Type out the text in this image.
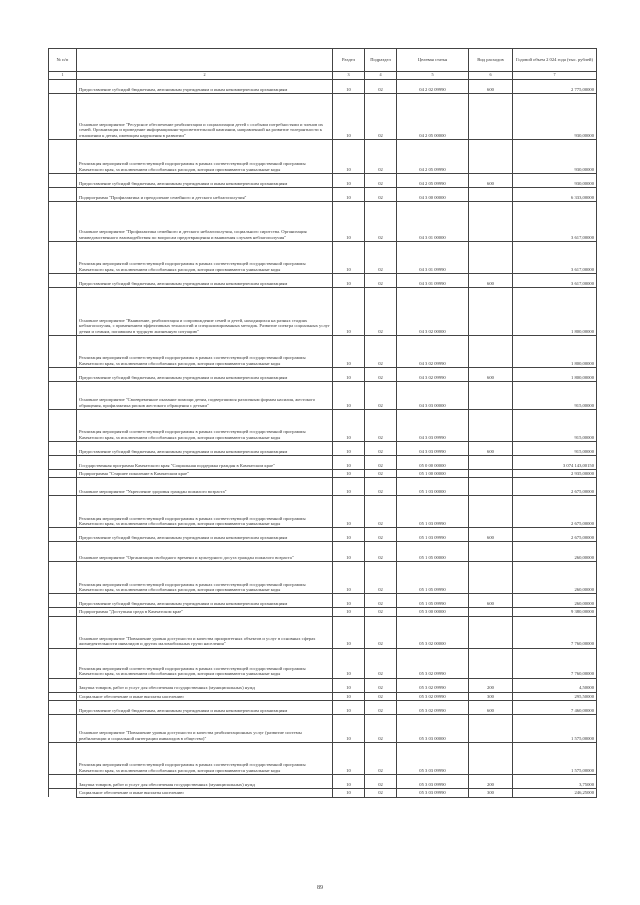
№ п/п		Раздел	Подраздел	Целевая статья	Вид расходов	Годовой объем 2 024 года (тыс. рублей)
1	2	3	4	5	6	7
	Предоставление субсидий бюджетным, автономным учреждениям и иным некоммерческим организациям	10	02	04 2 02 09990	600	2 775,00000
	Основное мероприятие "Ресурсное обеспечение реабилитации и социализации детей с особыми потребностями и членов их семей. Организация и проведение информационно-просветительской кампании, направленной на развитие толерантности к отношении к детям, имеющим нарушения в развитии"	10	02	04 2 05 00000		930,00000
	Реализация мероприятий соответствующей подпрограммы в рамках соответствующей государственной программы Камчатского края, за исключением обособленных расходов, которым присваиваются уникальные коды	10	02	04 2 05 09990		930,00000
	Предоставление субсидий бюджетным, автономным учреждениям и иным некоммерческим организациям	10	02	04 2 05 09990	600	930,00000
	Подпрограмма "Профилактика и преодоление семейного и детского неблагополучия"	10	02	04 3 00 00000		6 333,00000
	Основное мероприятие "Профилактика семейного и детского неблагополучия, социального сиротства. Организация межведомственного взаимодействия по вопросам предотвращения и выявления случаев неблагополучия"	10	02	04 3 01 00000		3 617,00000
	Реализация мероприятий соответствующей подпрограммы в рамках соответствующей государственной программы Камчатского края, за исключением обособленных расходов, которым присваиваются уникальные коды	10	02	04 3 01 09990		3 617,00000
	Предоставление субсидий бюджетным, автономным учреждениям и иным некоммерческим организациям	10	02	04 3 01 09990	600	3 617,00000
	Основное мероприятие "Выявление, реабилитация и сопровождение семей и детей, находящихся на разных стадиях неблагополучия, с применением эффективных технологий и специализированных методик. Развитие спектра социальных услуг детям и семьям, попавшим в трудную жизненную ситуацию"	10	02	04 3 02 00000		1 800,00000
	Реализация мероприятий соответствующей подпрограммы в рамках соответствующей государственной программы Камчатского края, за исключением обособленных расходов, которым присваиваются уникальные коды	10	02	04 3 02 09990		1 800,00000
	Предоставление субсидий бюджетным, автономным учреждениям и иным некоммерческим организациям	10	02	04 3 02 09990	600	1 800,00000
	Основное мероприятие "Своевременное оказание помощи детям, подвергшимся различным формам насилия, жестокого обращения, профилактика рисков жестокого обращения с детьми"	10	02	04 3 03 00000		915,00000
	Реализация мероприятий соответствующей подпрограммы в рамках соответствующей государственной программы Камчатского края, за исключением обособленных расходов, которым присваиваются уникальные коды	10	02	04 3 03 09990		915,00000
	Предоставление субсидий бюджетным, автономным учреждениям и иным некоммерческим организациям	10	02	04 3 03 09990	600	915,00000
	Государственная программа Камчатского края "Социальная поддержка граждан в Камчатском крае"	10	02	05 0 00 00000		3 074 143,00150
	Подпрограмма "Старшее поколение в Камчатском крае"	10	02	05 1 00 00000		2 935,00000
	Основное мероприятие "Укрепление здоровья граждан пожилого возраста"	10	02	05 1 03 00000		2 675,00000
	Реализация мероприятий соответствующей подпрограммы в рамках соответствующей государственной программы Камчатского края, за исключением обособленных расходов, которым присваиваются уникальные коды	10	02	05 1 03 09990		2 675,00000
	Предоставление субсидий бюджетным, автономным учреждениям и иным некоммерческим организациям	10	02	05 1 03 09990	600	2 675,00000
	Основное мероприятие "Организация свободного времени и культурного досуга граждан пожилого возраста"	10	02	05 1 05 00000		260,00000
	Реализация мероприятий соответствующей подпрограммы в рамках соответствующей государственной программы Камчатского края, за исключением обособленных расходов, которым присваиваются уникальные коды	10	02	05 1 05 09990		260,00000
	Предоставление субсидий бюджетным, автономным учреждениям и иным некоммерческим организациям	10	02	05 1 05 09990	600	260,00000
	Подпрограмма "Доступная среда в Камчатском крае"	10	02	05 3 00 00000		9 380,00000
	Основное мероприятие "Повышение уровня доступности и качества приоритетных объектов и услуг в основных сферах жизнедеятельности инвалидов и других маломобильных групп населения"	10	02	05 3 02 00000		7 760,00000
	Реализация мероприятий соответствующей подпрограммы в рамках соответствующей государственной программы Камчатского края, за исключением обособленных расходов, которым присваиваются уникальные коды	10	02	05 3 02 09990		7 760,00000
	Закупка товаров, работ и услуг для обеспечения государственных (муниципальных) нужд	10	02	05 3 02 09990	200	4,50000
	Социальное обеспечение и иные выплаты населению	10	02	05 3 02 09990	300	295,50000
	Предоставление субсидий бюджетным, автономным учреждениям и иным некоммерческим организациям	10	02	05 3 02 09990	600	7 460,00000
	Основное мероприятие "Повышение уровня доступности и качества реабилитационных услуг (развитие системы реабилитации и социальной интеграции инвалидов в общество)"	10	02	05 3 03 00000		1 575,00000
	Реализация мероприятий соответствующей подпрограммы в рамках соответствующей государственной программы Камчатского края, за исключением обособленных расходов, которым присваиваются уникальные коды	10	02	05 3 03 09990		1 575,00000
	Закупка товаров, работ и услуг для обеспечения государственных (муниципальных) нужд	10	02	05 3 03 09990	200	3,75000
	Социальное обеспечение и иные выплаты населению	10	02	05 3 03 09990	300	246,25000
89
